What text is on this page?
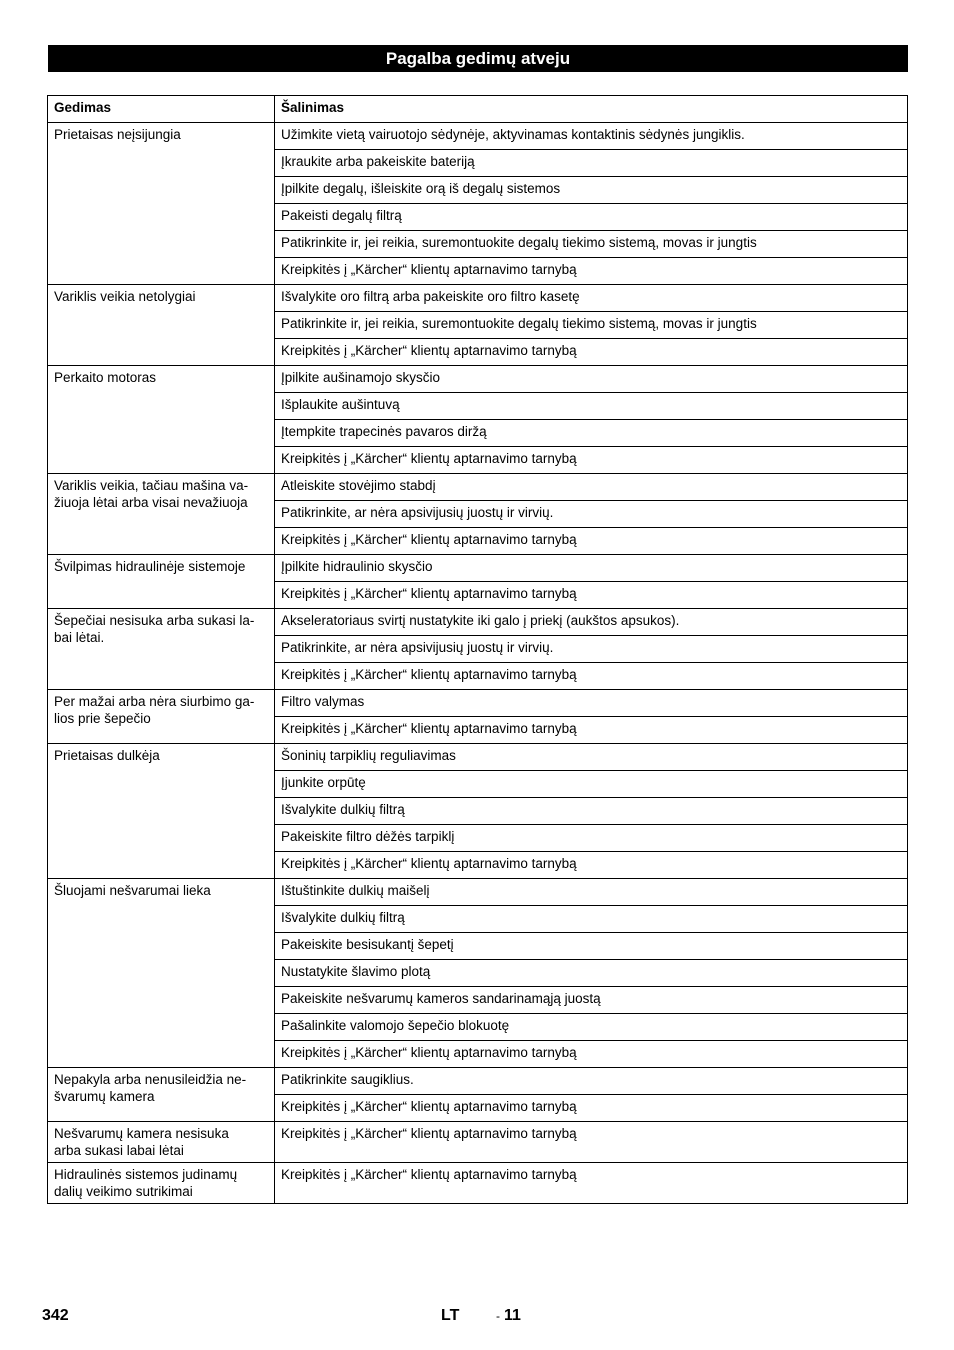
Pagalba gedimų atveju
Gedimas	Šalinimas
Prietaisas neįsijungia	Užimkite vietą vairuotojo sėdynėje, aktyvinamas kontaktinis sėdynės jungiklis.
	Įkraukite arba pakeiskite bateriją
	Įpilkite degalų, išleiskite orą iš degalų sistemos
	Pakeisti degalų filtrą
	Patikrinkite ir, jei reikia, suremontuokite degalų tiekimo sistemą, movas ir jungtis
	Kreipkitės į „Kärcher“ klientų aptarnavimo tarnybą
Variklis veikia netolygiai	Išvalykite oro filtrą arba pakeiskite oro filtro kasetę
	Patikrinkite ir, jei reikia, suremontuokite degalų tiekimo sistemą, movas ir jungtis
	Kreipkitės į „Kärcher“ klientų aptarnavimo tarnybą
Perkaito motoras	Įpilkite aušinamojo skysčio
	Išplaukite aušintuvą
	Įtempkite trapecinės pavaros diržą
	Kreipkitės į „Kärcher“ klientų aptarnavimo tarnybą

Variklis veikia, tačiau mašina va-
žiuoja lėtai arba visai nevažiuoja	Atleiskite stovėjimo stabdį
	Patikrinkite, ar nėra apsivijusių juostų ir virvių.
	Kreipkitės į „Kärcher“ klientų aptarnavimo tarnybą
Švilpimas hidraulinėje sistemoje	Įpilkite hidraulinio skysčio
	Kreipkitės į „Kärcher“ klientų aptarnavimo tarnybą

Šepečiai nesisuka arba sukasi la-
bai lėtai.	Akseleratoriaus svirtį nustatykite iki galo į priekį (aukštos apsukos).
	Patikrinkite, ar nėra apsivijusių juostų ir virvių.
	Kreipkitės į „Kärcher“ klientų aptarnavimo tarnybą

Per mažai arba nėra siurbimo ga-
lios prie šepečio	Filtro valymas
	Kreipkitės į „Kärcher“ klientų aptarnavimo tarnybą
Prietaisas dulkėja	Šoninių tarpiklių reguliavimas
	Įjunkite orpūtę
	Išvalykite dulkių filtrą
	Pakeiskite filtro dėžės tarpiklį
	Kreipkitės į „Kärcher“ klientų aptarnavimo tarnybą
Šluojami nešvarumai lieka	Ištuštinkite dulkių maišelį
	Išvalykite dulkių filtrą
	Pakeiskite besisukantį šepetį
	Nustatykite šlavimo plotą
	Pakeiskite nešvarumų kameros sandarinamąją juostą
	Pašalinkite valomojo šepečio blokuotę
	Kreipkitės į „Kärcher“ klientų aptarnavimo tarnybą

Nepakyla arba nenusileidžia ne-
švarumų kamera	Patikrinkite saugiklius.
	Kreipkitės į „Kärcher“ klientų aptarnavimo tarnybą

Nešvarumų kamera nesisuka
arba sukasi labai lėtai	Kreipkitės į „Kärcher“ klientų aptarnavimo tarnybą

Hidraulinės sistemos judinamų
dalių veikimo sutrikimai	Kreipkitės į „Kärcher“ klientų aptarnavimo tarnybą
342	LT	- 11
